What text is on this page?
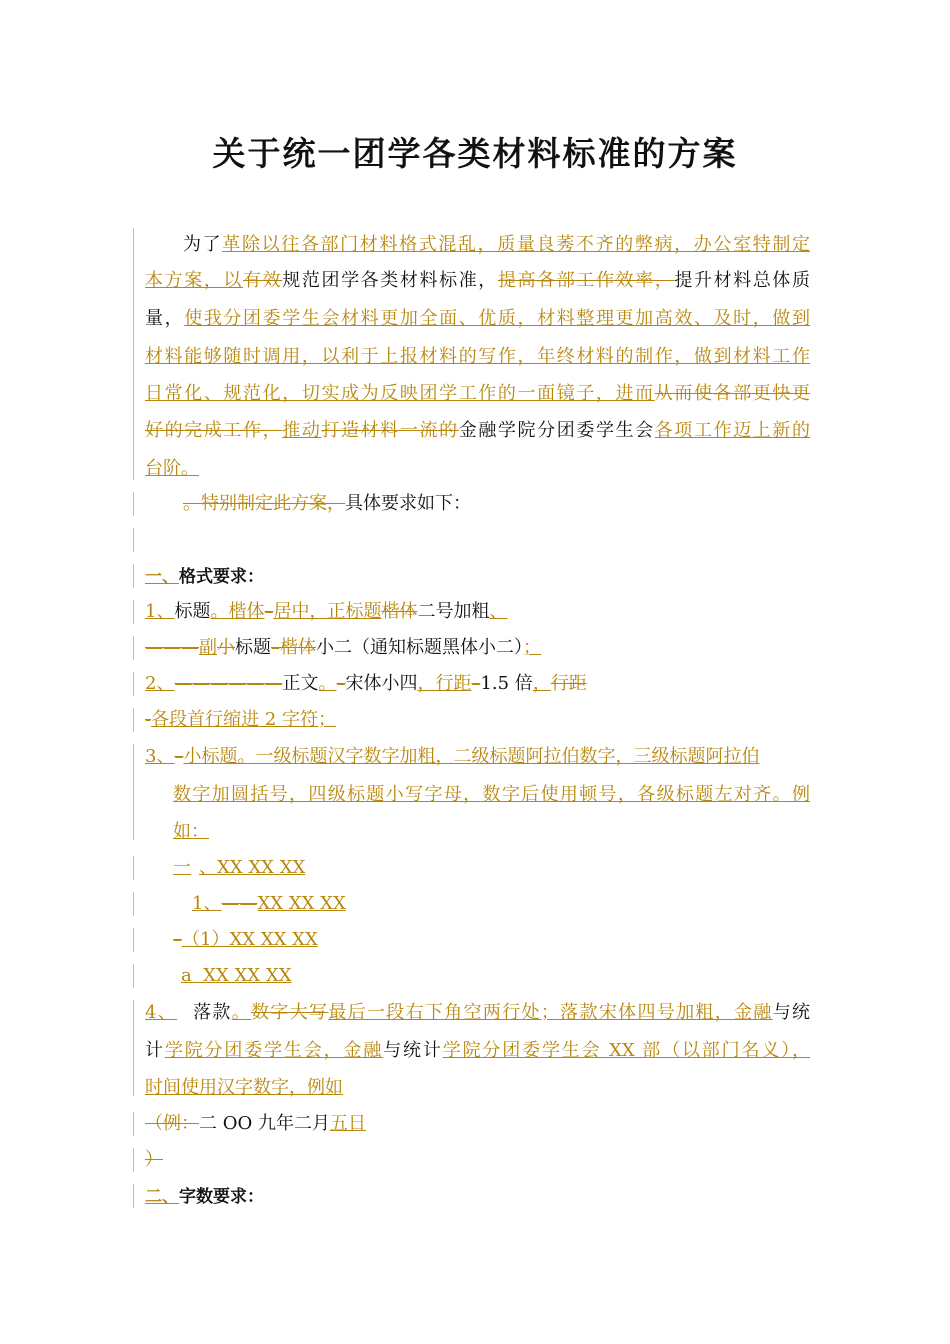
关于统一团学各类材料标准的方案
为了革除以往各部门材料格式混乱，质量良莠不齐的弊病，办公室特制定
本方案，以有效规范团学各类材料标准，提高各部工作效率，提升材料总体质
量，使我分团委学生会材料更加全面、优质，材料整理更加高效、及时，做到
材料能够随时调用，以利于上报材料的写作，年终材料的制作，做到材料工作
日常化、规范化，切实成为反映团学工作的一面镜子，进而从而使各部更快更
好的完成工作，推动打造材料一流的金融学院分团委学生会各项工作迈上新的
台阶。
。特别制定此方案，具体要求如下：
一、格式要求：
1、标题。楷体–居中，正标题楷体二号加粗、
———副小标题–楷体小二（通知标题黑体小二）；
2、——————正文。–宋体小四，行距–1.5 倍，行距
-各段首行缩进 2 字符；
3、–小标题。一级标题汉字数字加粗，二级标题阿拉伯数字，三级标题阿拉伯
数字加圆括号，四级标题小写字母，数字后使用顿号，各级标题左对齐。例
如：
一 、XX XX XX
1、——XX XX XX
–（1）XX XX XX
a  XX XX XX
4、 落款。数字大写最后一段右下角空两行处；落款宋体四号加粗，金融与统
计学院分团委学生会，金融与统计学院分团委学生会 XX 部（以部门名义），
时间使用汉字数字，例如
（例：二 OO 九年二月五日
）
二、字数要求：
